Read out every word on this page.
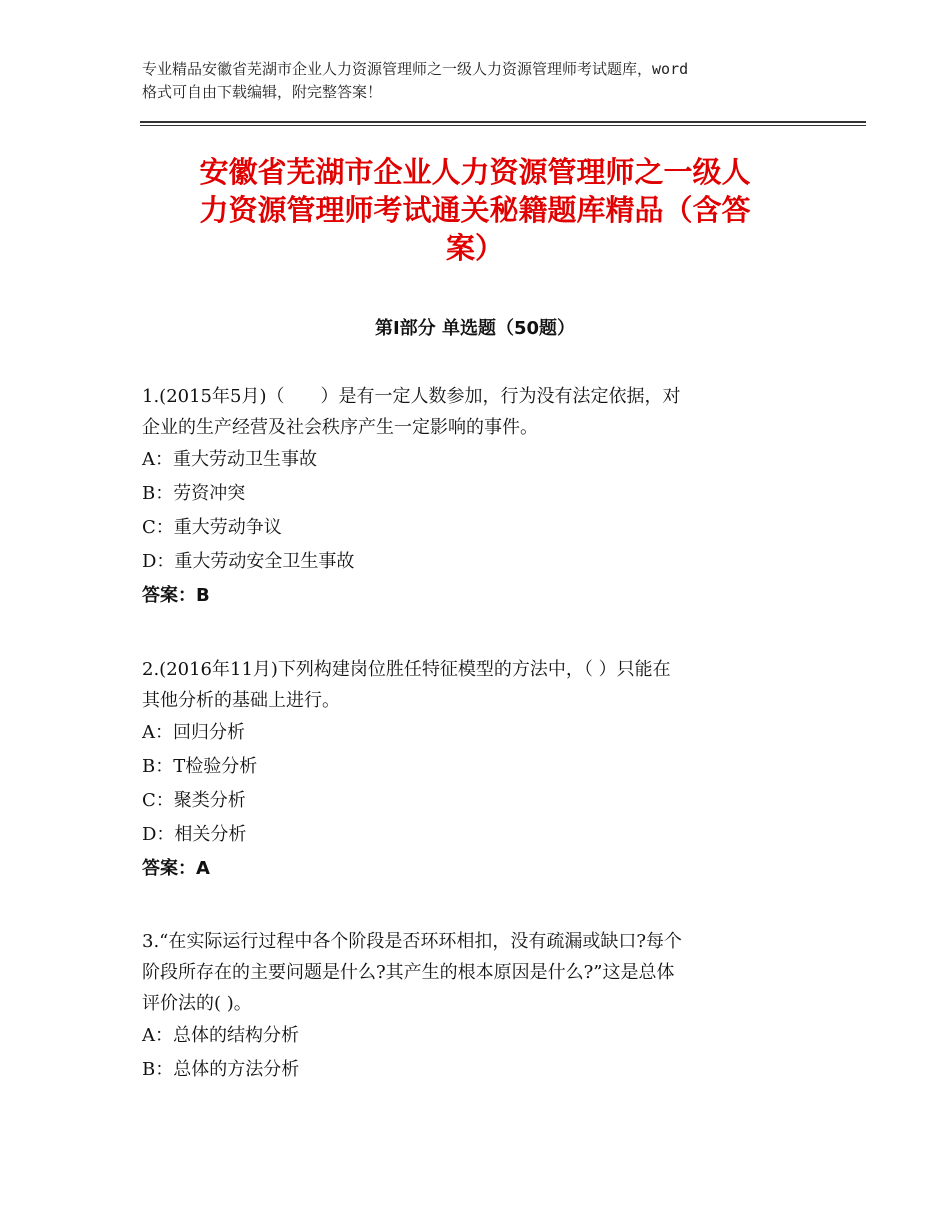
专业精品安徽省芜湖市企业人力资源管理师之一级人力资源管理师考试题库，word
格式可自由下载编辑，附完整答案！
安徽省芜湖市企业人力资源管理师之一级人
力资源管理师考试通关秘籍题库精品（含答
案）
第Ⅰ部分 单选题（50题）

1.(2015年5月)（　　）是有一定人数参加，行为没有法定依据，对

企业的生产经营及社会秩序产生一定影响的事件。

A：重大劳动卫生事故

B：劳资冲突

C：重大劳动争议

D：重大劳动安全卫生事故

答案：B

2.(2016年11月)下列构建岗位胜任特征模型的方法中，（ ）只能在

其他分析的基础上进行。

A：回归分析

B：T检验分析

C：聚类分析

D：相关分析

答案：A

3.“在实际运行过程中各个阶段是否环环相扣，没有疏漏或缺口?每个

阶段所存在的主要问题是什么?其产生的根本原因是什么?”这是总体

评价法的( )。

A：总体的结构分析

B：总体的方法分析
